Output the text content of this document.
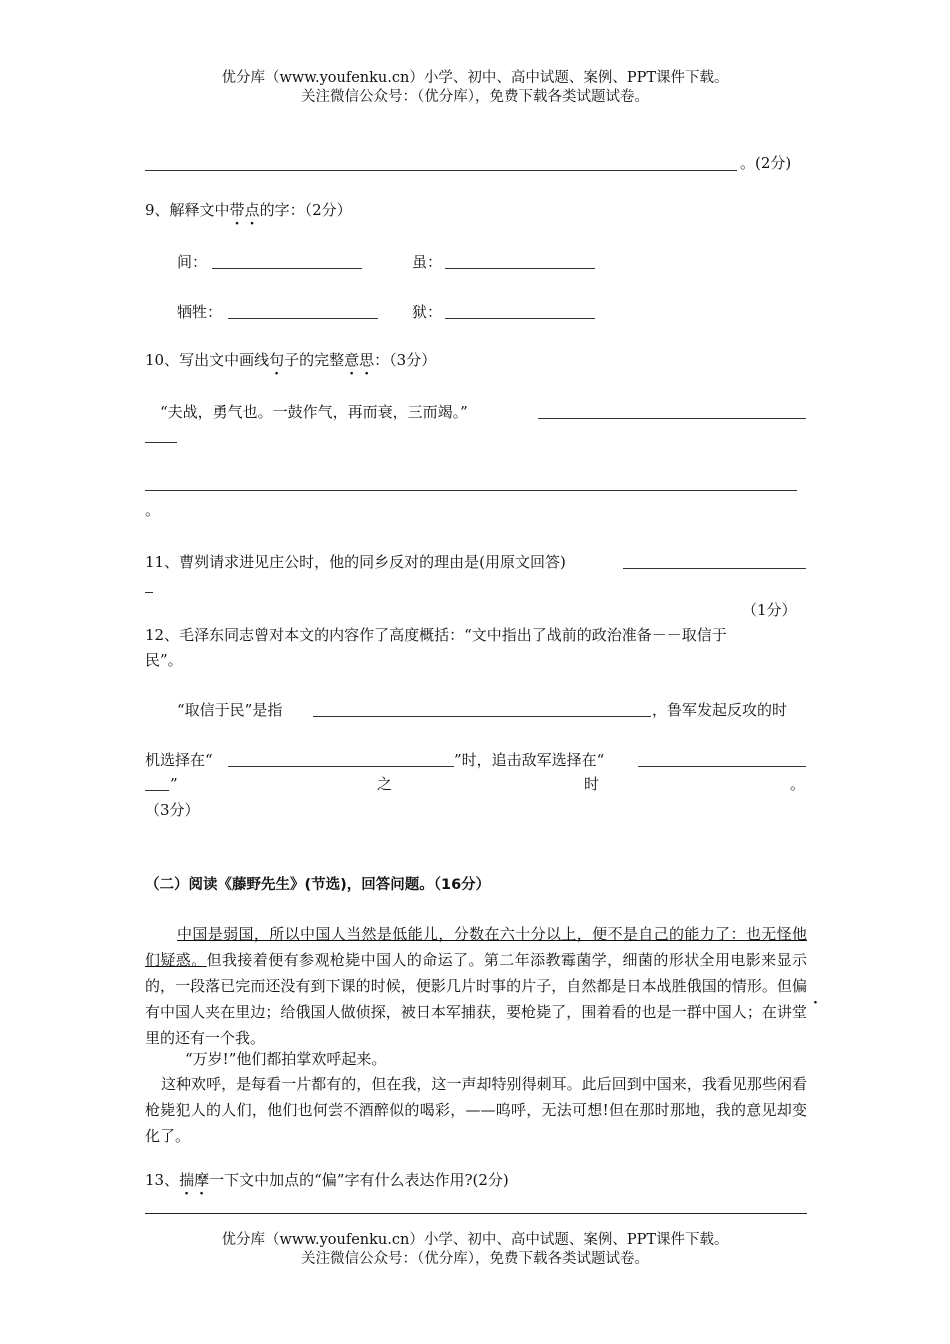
优分库（www.youfenku.cn）小学、初中、高中试题、案例、PPT课件下载。
关注微信公众号：（优分库），免费下载各类试题试卷。
。(2分)
9、解释文中带点的字：（2分）
间：	虽：
牺牲：	狱：
10、写出文中画线句子的完整意思：（3分）
“夫战，勇气也。一鼓作气，再而衰，三而竭。”
。
11、曹刿请求进见庄公时，他的同乡反对的理由是(用原文回答)
（1分）
12、毛泽东同志曾对本文的内容作了高度概括：“文中指出了战前的政治准备－－取信于
民”。
“取信于民”是指	，鲁军发起反攻的时
机选择在“	”时，追击敌军选择在“
”	之	时	。
（3分）
（二）阅读《藤野先生》(节选)，回答问题。（16分）
中国是弱国，所以中国人当然是低能儿，分数在六十分以上，便不是自己的能力了：也无怪他们疑惑。但我接着便有参观枪毙中国人的命运了。第二年添教霉菌学，细菌的形状全用电影来显示的，一段落已完而还没有到下课的时候，便影几片时事的片子，自然都是日本战胜俄国的情形。但偏有中国人夹在里边；给俄国人做侦探，被日本军捕获，要枪毙了，围着看的也是一群中国人；在讲堂里的还有一个我。
“万岁!”他们都拍掌欢呼起来。
这种欢呼，是每看一片都有的，但在我，这一声却特别得刺耳。此后回到中国来，我看见那些闲看枪毙犯人的人们，他们也何尝不酒醉似的喝彩，——呜呼，无法可想!但在那时那地，我的意见却变化了。
13、揣摩一下文中加点的“偏”字有什么表达作用?(2分)
优分库（www.youfenku.cn）小学、初中、高中试题、案例、PPT课件下载。
关注微信公众号：（优分库），免费下载各类试题试卷。
